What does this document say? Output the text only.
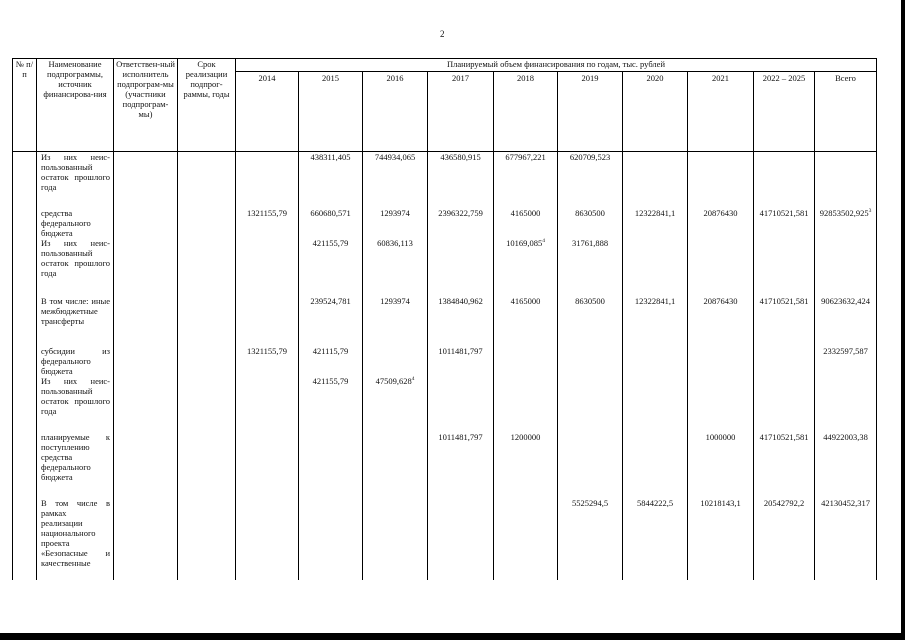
2
№ п/п	Наименование подпрограммы, источник финансирова-ния	Ответствен-ный исполнитель подпрограм-мы (участники подпрограм-мы)	Срок реализации подпрог-раммы, годы	Планируемый объем финансирования по годам, тыс. рублей									
				2014	2015	2016	2017	2018	2019	2020	2021	2022 – 2025	Всего
	Из них неис-пользованный остаток прошлого года				438311,405	744934,065	436580,915	677967,221	620709,523				
	средства федерального бюджета			1321155,79	660680,571	1293974	2396322,759	4165000	8630500	12322841,1	20876430	41710521,581	92853502,925$^3$
	Из них неис-пользованный остаток прошлого года				421155,79	60836,113		10169,085$^4$	31761,888				
	В том числе: иные межбюджетные трансферты				239524,781	1293974	1384840,962	4165000	8630500	12322841,1	20876430	41710521,581	90623632,424
	субсидии из федерального бюджета			1321155,79	421115,79		1011481,797						2332597,587
	Из них неис-пользованный остаток прошлого года				421155,79	47509,628$^4$							
	планируемые к поступлению средства федерального бюджета						1011481,797	1200000			1000000	41710521,581	44922003,38
	В том числе в рамках реализации национального проекта «Безопасные и качественные								5525294,5	5844222,5	10218143,1	20542792,2	42130452,317
